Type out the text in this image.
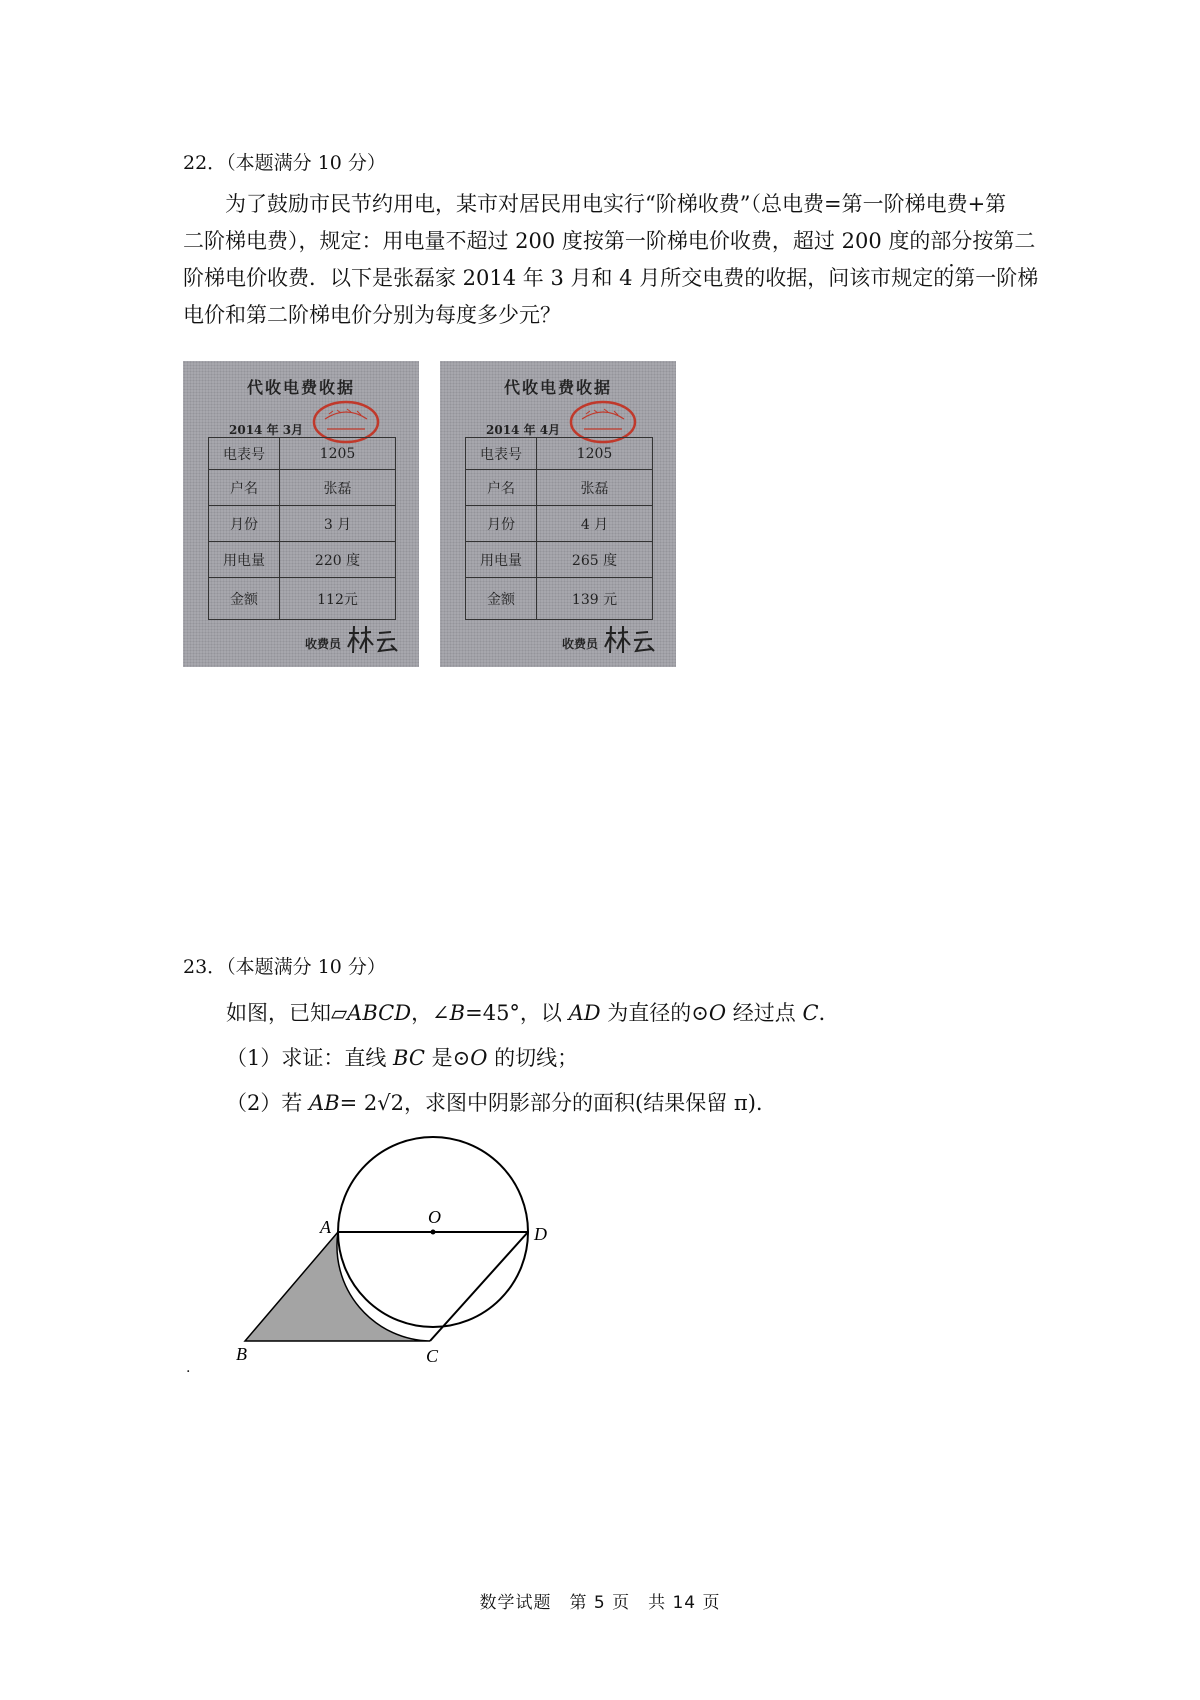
22．（本题满分 10 分）
为了鼓励市民节约用电，某市对居民用电实行“阶梯收费”（总电费=第一阶梯电费+第
二阶梯电费），规定：用电量不超过 200 度按第一阶梯电价收费，超过 200 度的部分按第二
阶梯电价收费．以下是张磊家 2014 年 3 月和 4 月所交电费的收据，问该市规定的第一阶梯
电价和第二阶梯电价分别为每度多少元？
代收电费收据
2014 年 3月
电表号	1205
户名	张磊
月份	3 月
用电量	220 度
金额	112元
收费员
代收电费收据
2014 年 4月
电表号	1205
户名	张磊
月份	4 月
用电量	265 度
金额	139 元
收费员
23．（本题满分 10 分）
如图，已知▱ABCD，∠B=45°，以 AD 为直径的⊙O 经过点 C．
（1）求证：直线 BC 是⊙O 的切线；
（2）若 AB= 2√2，求图中阴影部分的面积(结果保留 π).
A	O
D
B	C
.
数学试题　第 5 页　共 14 页
